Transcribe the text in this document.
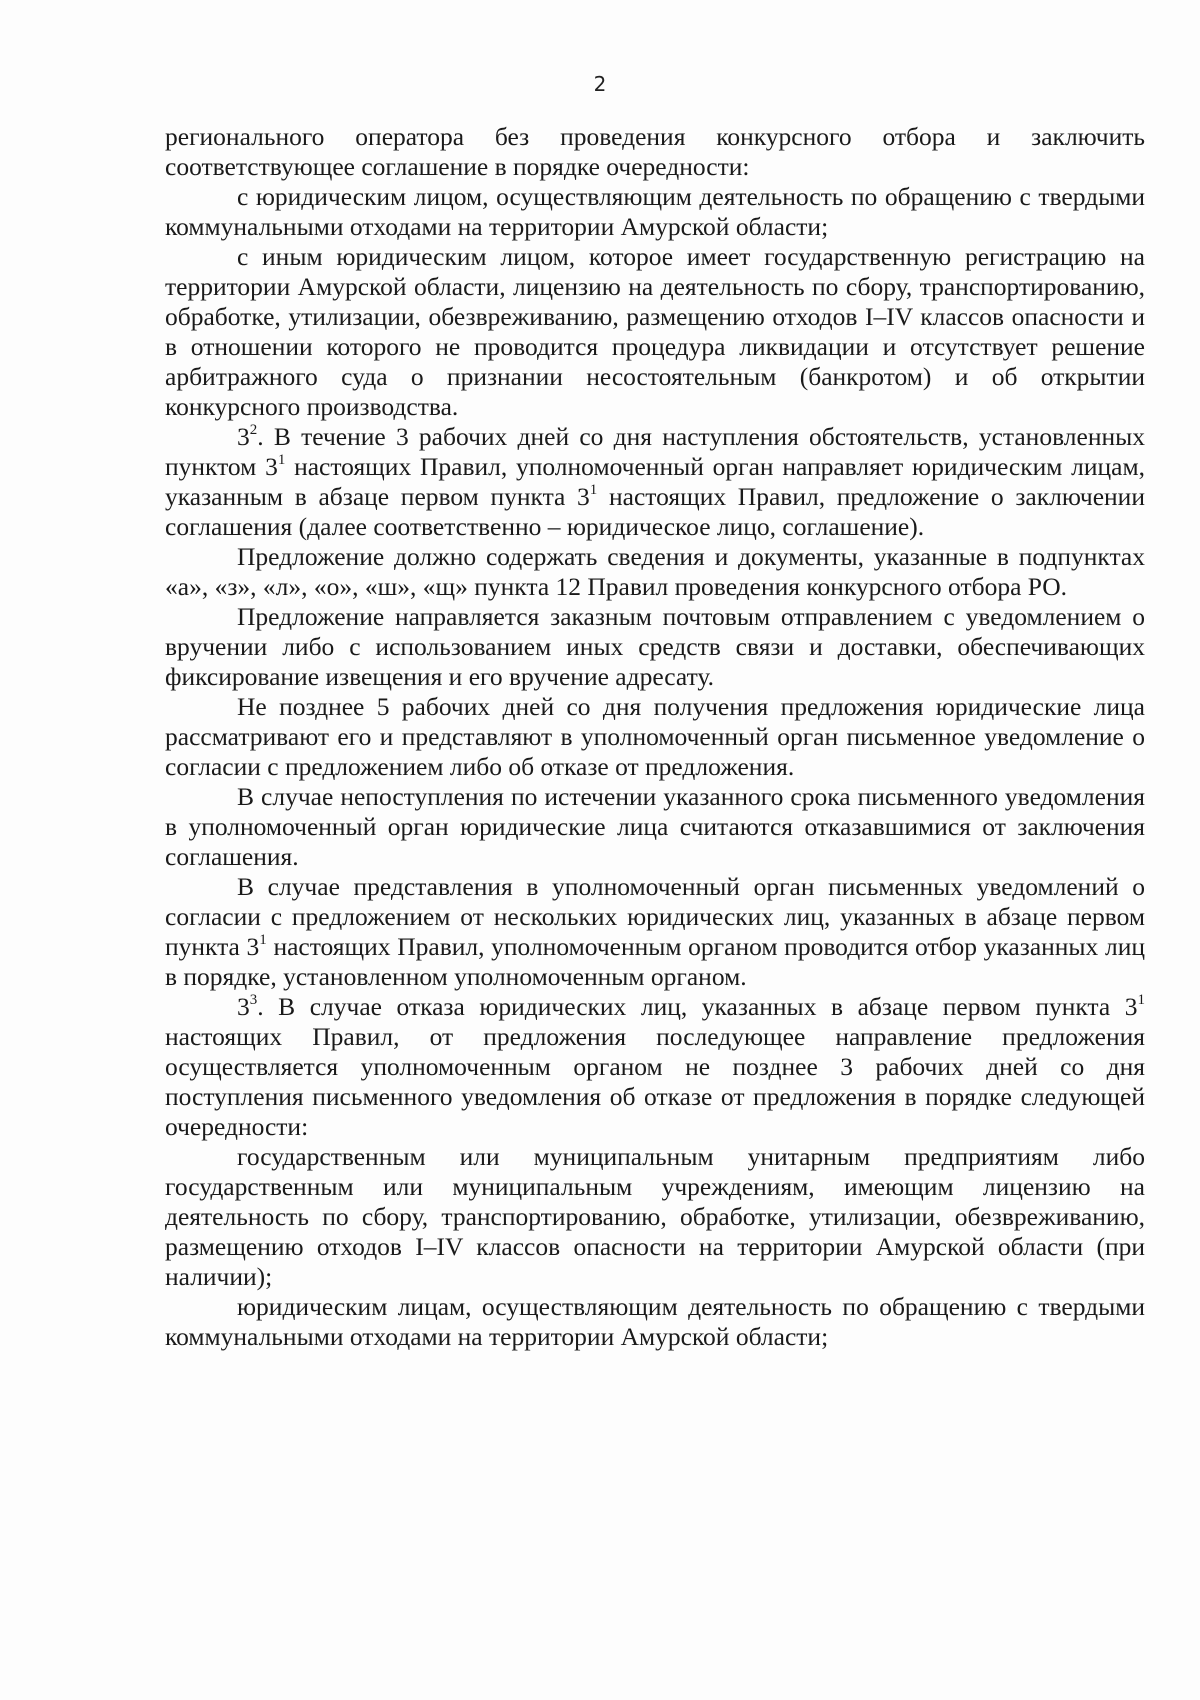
2

регионального оператора без проведения конкурсного отбора и заключить соответствующее соглашение в порядке очередности:

с юридическим лицом, осуществляющим деятельность по обращению с твердыми коммунальными отходами на территории Амурской области;

с иным юридическим лицом, которое имеет государственную регистрацию на территории Амурской области, лицензию на деятельность по сбору, транспортированию, обработке, утилизации, обезвреживанию, размещению отходов I–IV классов опасности и в отношении которого не проводится процедура ликвидации и отсутствует решение арбитражного суда о признании несостоятельным (банкротом) и об открытии конкурсного производства.

$3^2$. В течение 3 рабочих дней со дня наступления обстоятельств, установленных пунктом $3^1$ настоящих Правил, уполномоченный орган направляет юридическим лицам, указанным в абзаце первом пункта $3^1$ настоящих Правил, предложение о заключении соглашения (далее соответственно – юридическое лицо, соглашение).

Предложение должно содержать сведения и документы, указанные в подпунктах «а», «з», «л», «о», «ш», «щ» пункта 12 Правил проведения конкурсного отбора РО.

Предложение направляется заказным почтовым отправлением с уведомлением о вручении либо с использованием иных средств связи и доставки, обеспечивающих фиксирование извещения и его вручение адресату.

Не позднее 5 рабочих дней со дня получения предложения юридические лица рассматривают его и представляют в уполномоченный орган письменное уведомление о согласии с предложением либо об отказе от предложения.

В случае непоступления по истечении указанного срока письменного уведомления в уполномоченный орган юридические лица считаются отказавшимися от заключения соглашения.

В случае представления в уполномоченный орган письменных уведомлений о согласии с предложением от нескольких юридических лиц, указанных в абзаце первом пункта $3^1$ настоящих Правил, уполномоченным органом проводится отбор указанных лиц в порядке, установленном уполномоченным органом.

$3^3$. В случае отказа юридических лиц, указанных в абзаце первом пункта $3^1$ настоящих Правил, от предложения последующее направление предложения осуществляется уполномоченным органом не позднее 3 рабочих дней со дня поступления письменного уведомления об отказе от предложения в порядке следующей очередности:

государственным или муниципальным унитарным предприятиям либо государственным или муниципальным учреждениям, имеющим лицензию на деятельность по сбору, транспортированию, обработке, утилизации, обезвреживанию, размещению отходов I–IV классов опасности на территории Амурской области (при наличии);

юридическим лицам, осуществляющим деятельность по обращению с твердыми коммунальными отходами на территории Амурской области;
